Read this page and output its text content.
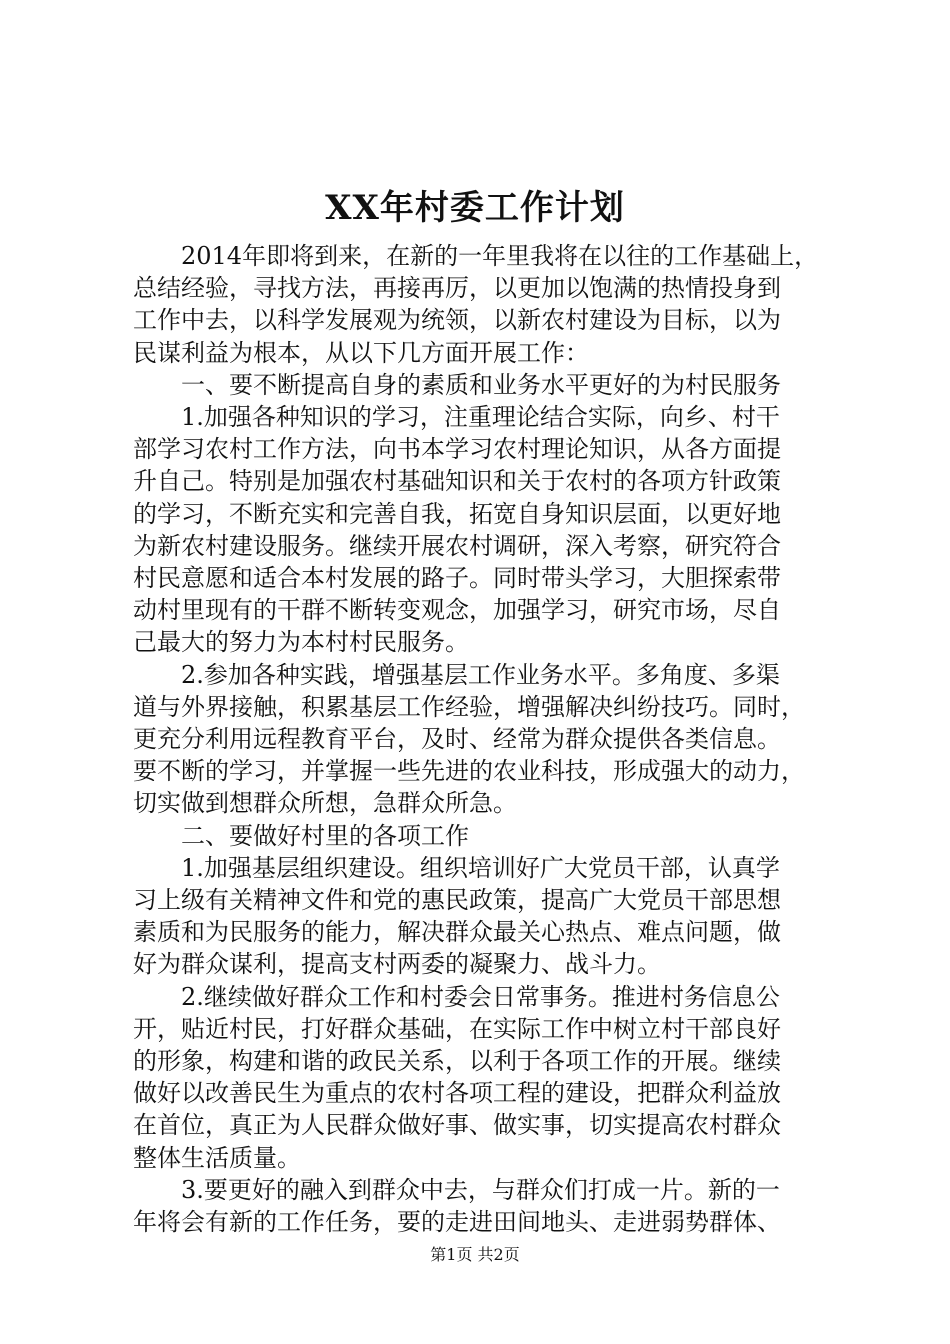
XX年村委工作计划
2014年即将到来，在新的一年里我将在以往的工作基础上，
总结经验，寻找方法，再接再厉，以更加以饱满的热情投身到
工作中去，以科学发展观为统领，以新农村建设为目标，以为
民谋利益为根本，从以下几方面开展工作：
一、要不断提高自身的素质和业务水平更好的为村民服务
1.加强各种知识的学习，注重理论结合实际，向乡、村干
部学习农村工作方法，向书本学习农村理论知识，从各方面提
升自己。特别是加强农村基础知识和关于农村的各项方针政策
的学习，不断充实和完善自我，拓宽自身知识层面，以更好地
为新农村建设服务。继续开展农村调研，深入考察，研究符合
村民意愿和适合本村发展的路子。同时带头学习，大胆探索带
动村里现有的干群不断转变观念，加强学习，研究市场，尽自
己最大的努力为本村村民服务。
2.参加各种实践，增强基层工作业务水平。多角度、多渠
道与外界接触，积累基层工作经验，增强解决纠纷技巧。同时，
更充分利用远程教育平台，及时、经常为群众提供各类信息。
要不断的学习，并掌握一些先进的农业科技，形成强大的动力，
切实做到想群众所想，急群众所急。
二、要做好村里的各项工作
1.加强基层组织建设。组织培训好广大党员干部，认真学
习上级有关精神文件和党的惠民政策，提高广大党员干部思想
素质和为民服务的能力，解决群众最关心热点、难点问题，做
好为群众谋利，提高支村两委的凝聚力、战斗力。
2.继续做好群众工作和村委会日常事务。推进村务信息公
开，贴近村民，打好群众基础，在实际工作中树立村干部良好
的形象，构建和谐的政民关系，以利于各项工作的开展。继续
做好以改善民生为重点的农村各项工程的建设，把群众利益放
在首位，真正为人民群众做好事、做实事，切实提高农村群众
整体生活质量。
3.要更好的融入到群众中去，与群众们打成一片。新的一
年将会有新的工作任务，要的走进田间地头、走进弱势群体、
第1页 共2页
